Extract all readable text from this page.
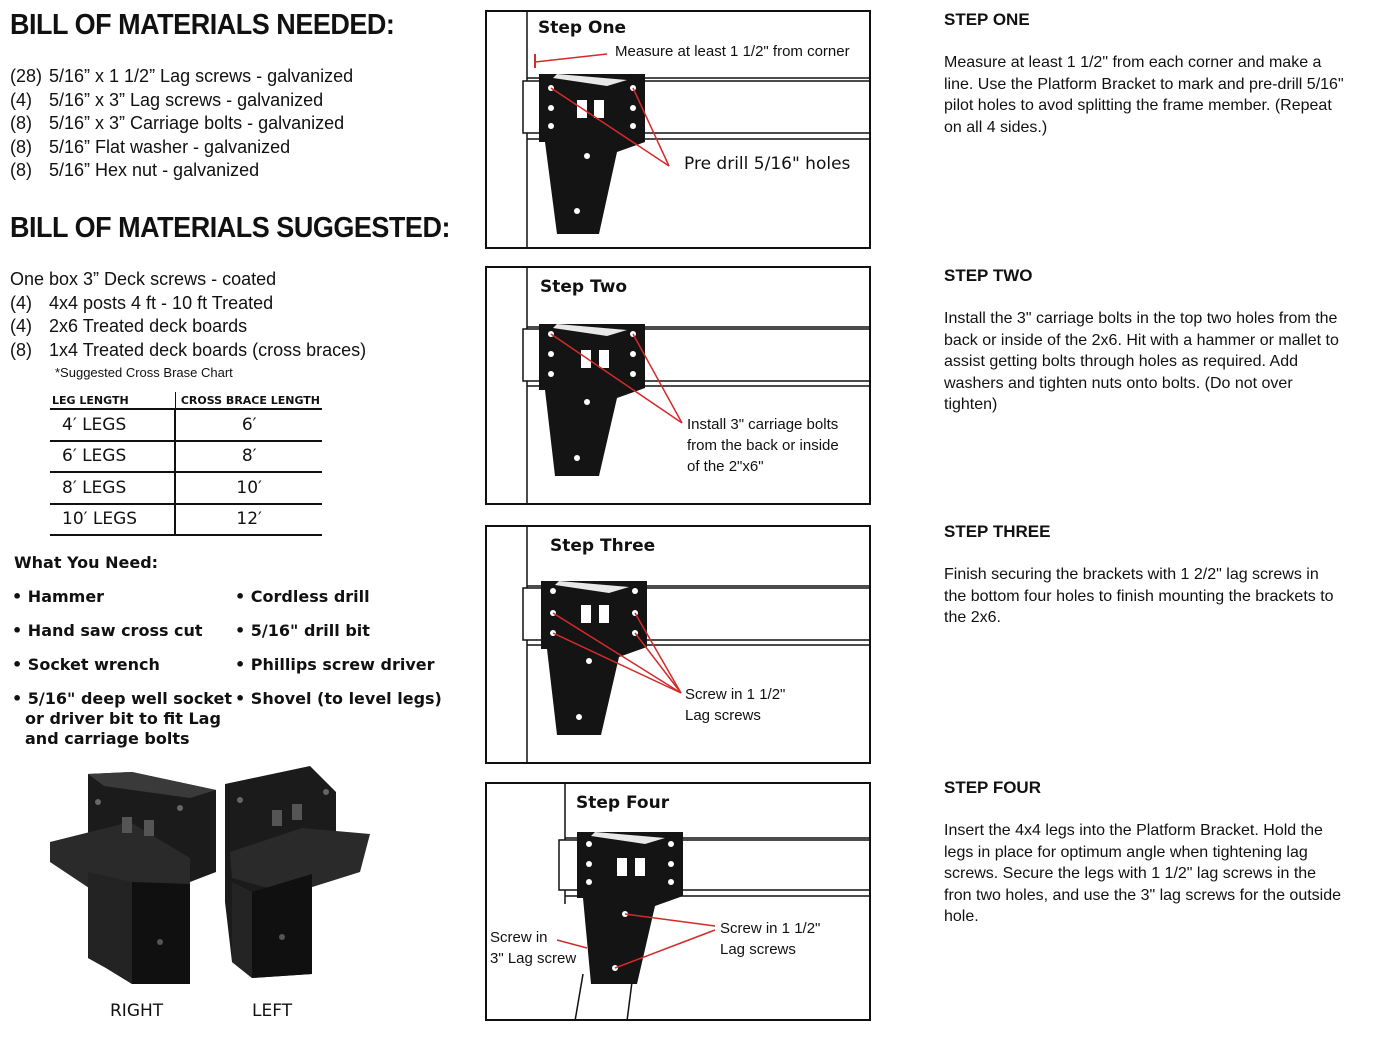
BILL OF MATERIALS NEEDED:
(28) 5/16” x 1 1/2” Lag screws - galvanized
(4) 5/16” x 3” Lag screws - galvanized
(8) 5/16” x 3” Carriage bolts - galvanized
(8) 5/16” Flat washer - galvanized
(8) 5/16” Hex nut - galvanized
BILL OF MATERIALS SUGGESTED:
One box 3” Deck screws - coated
(4) 4x4 posts 4 ft - 10 ft Treated
(4) 2x6 Treated deck boards
(8) 1x4 Treated deck boards (cross braces)
*Suggested Cross Brase Chart
LEG LENGTH	CROSS BRACE LENGTH
4′ LEGS	6′
6′ LEGS	8′
8′ LEGS	10′
10′ LEGS	12′
What You Need:
• Hammer
• Hand saw cross cut
• Socket wrench
• 5/16" deep well socket
or driver bit to fit Lag
and carriage bolts
• Cordless drill
• 5/16" drill bit
• Phillips screw driver
• Shovel (to level legs)
RIGHT	LEFT
Step One
Measure at least 1 1/2" from corner
Pre drill 5/16" holes
Step Two
Install 3" carriage bolts
from the back or inside
of the 2"x6"
Step Three
Screw in 1 1/2"
Lag screws
Step Four
Screw in 1 1/2"
Lag screws
Screw in
3" Lag screw
STEP ONE
Measure at least 1 1/2" from each corner and make a line. Use the Platform Bracket to mark and pre-drill 5/16" pilot holes to avod splitting the frame member. (Repeat on all 4 sides.)
STEP TWO
Install the 3" carriage bolts in the top two holes from the back or inside of the 2x6. Hit with a hammer or mallet to assist getting bolts through holes as required. Add washers and tighten nuts onto bolts. (Do not over tighten)
STEP THREE
Finish securing the brackets with 1 2/2" lag screws in the bottom four holes to finish mounting the brackets to the 2x6.
STEP FOUR
Insert the 4x4 legs into the Platform Bracket. Hold the legs in place for optimum angle when tightening lag screws. Secure the legs with 1 1/2" lag screws in the fron two holes, and use the 3" lag screws for the outside hole.
